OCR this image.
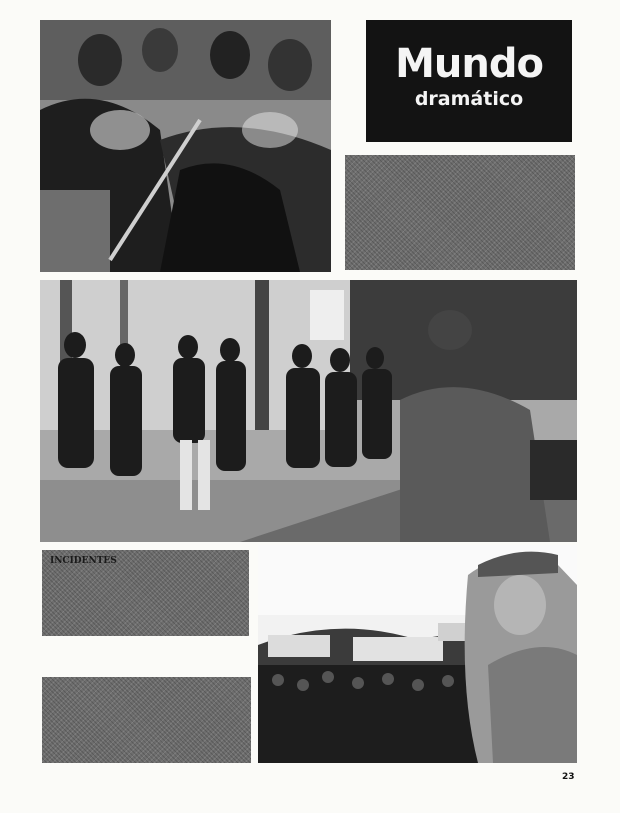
Mundo
dramático
INCIDENTES
23
